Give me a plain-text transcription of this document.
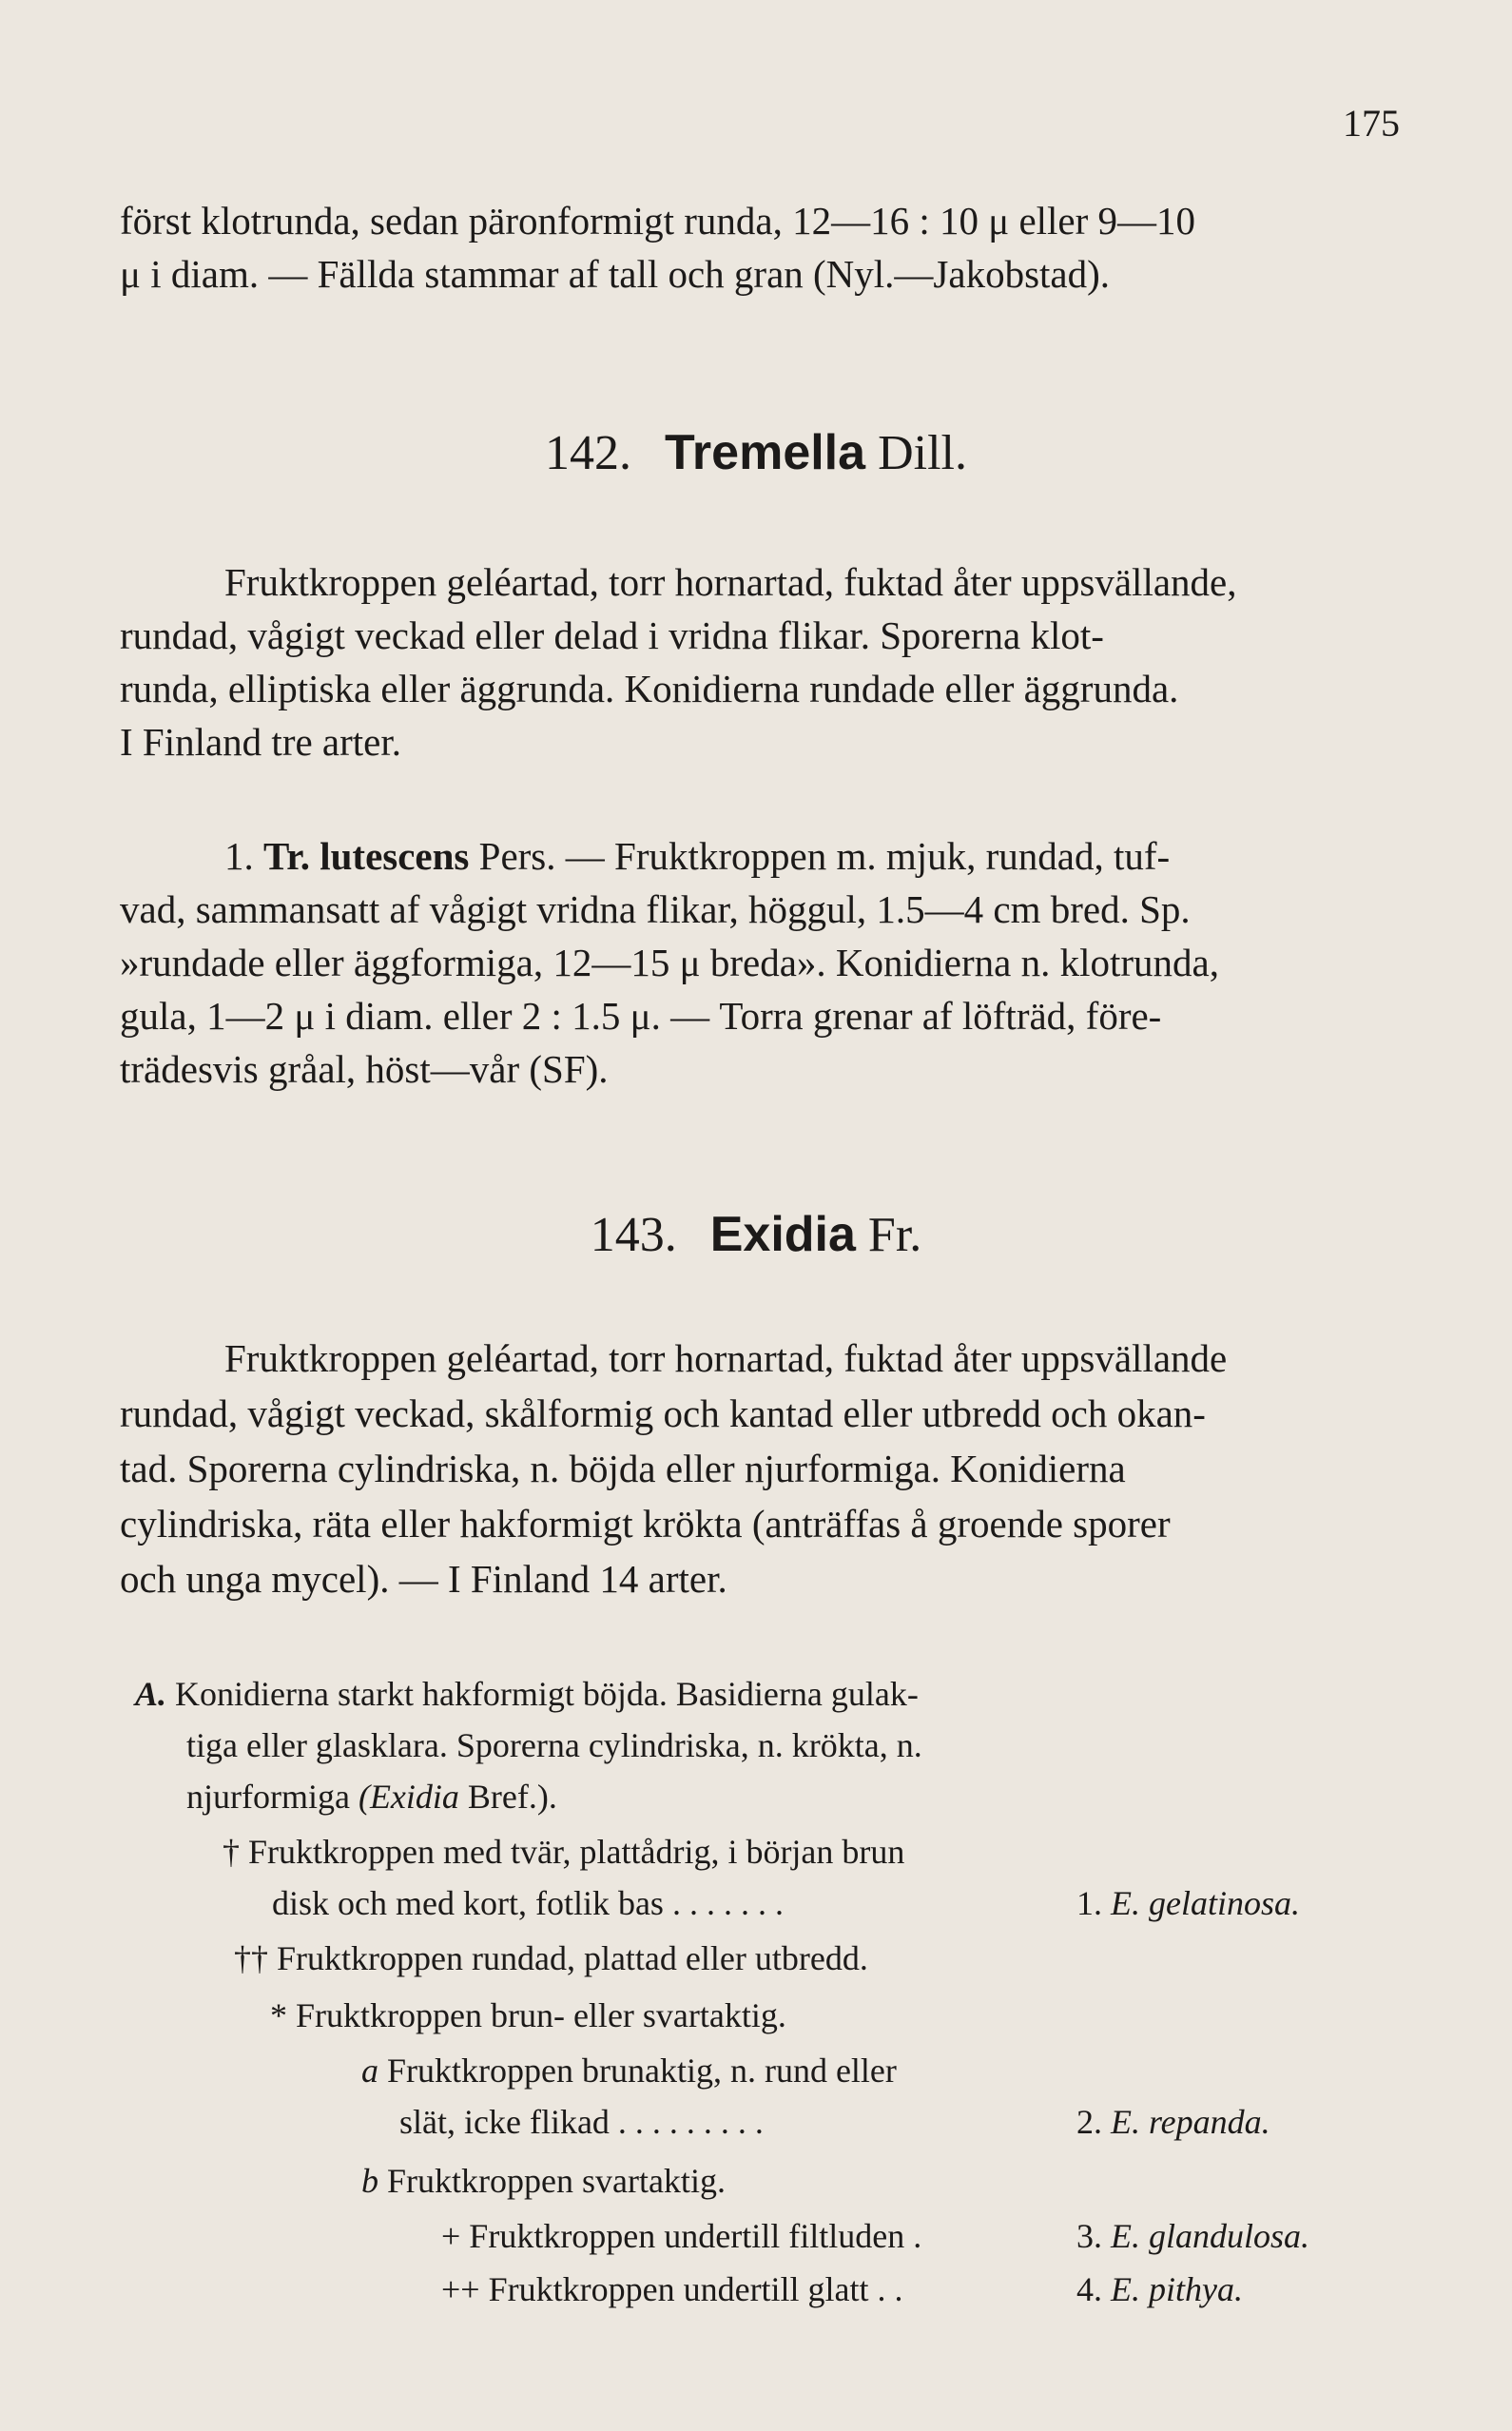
175
först klotrunda, sedan päronformigt runda, 12—16 : 10 μ eller 9—10
μ i diam. — Fällda stammar af tall och gran (Nyl.—Jakobstad).
142. Tremella Dill.
Fruktkroppen geléartad, torr hornartad, fuktad åter uppsvällande,
rundad, vågigt veckad eller delad i vridna flikar. Sporerna klot-
runda, elliptiska eller äggrunda. Konidierna rundade eller äggrunda.
I Finland tre arter.
1. Tr. lutescens Pers. — Fruktkroppen m. mjuk, rundad, tuf-
vad, sammansatt af vågigt vridna flikar, höggul, 1.5—4 cm bred. Sp.
»rundade eller äggformiga, 12—15 μ breda». Konidierna n. klotrunda,
gula, 1—2 μ i diam. eller 2 : 1.5 μ. — Torra grenar af löfträd, före-
trädesvis gråal, höst—vår (SF).
143. Exidia Fr.
Fruktkroppen geléartad, torr hornartad, fuktad åter uppsvällande
rundad, vågigt veckad, skålformig och kantad eller utbredd och okan-
tad. Sporerna cylindriska, n. böjda eller njurformiga. Konidierna
cylindriska, räta eller hakformigt krökta (anträffas å groende sporer
och unga mycel). — I Finland 14 arter.
A. Konidierna starkt hakformigt böjda. Basidierna gulak-
tiga eller glasklara. Sporerna cylindriska, n. krökta, n.
njurformiga (Exidia Bref.).
† Fruktkroppen med tvär, plattådrig, i början brun
disk och med kort, fotlik bas . . . . . . .	1. E. gelatinosa.
†† Fruktkroppen rundad, plattad eller utbredd.
* Fruktkroppen brun- eller svartaktig.
a Fruktkroppen brunaktig, n. rund eller
slät, icke flikad . . . . . . . . .	2. E. repanda.
b Fruktkroppen svartaktig.
+ Fruktkroppen undertill filtluden .	3. E. glandulosa.
++ Fruktkroppen undertill glatt . .	4. E. pithya.
